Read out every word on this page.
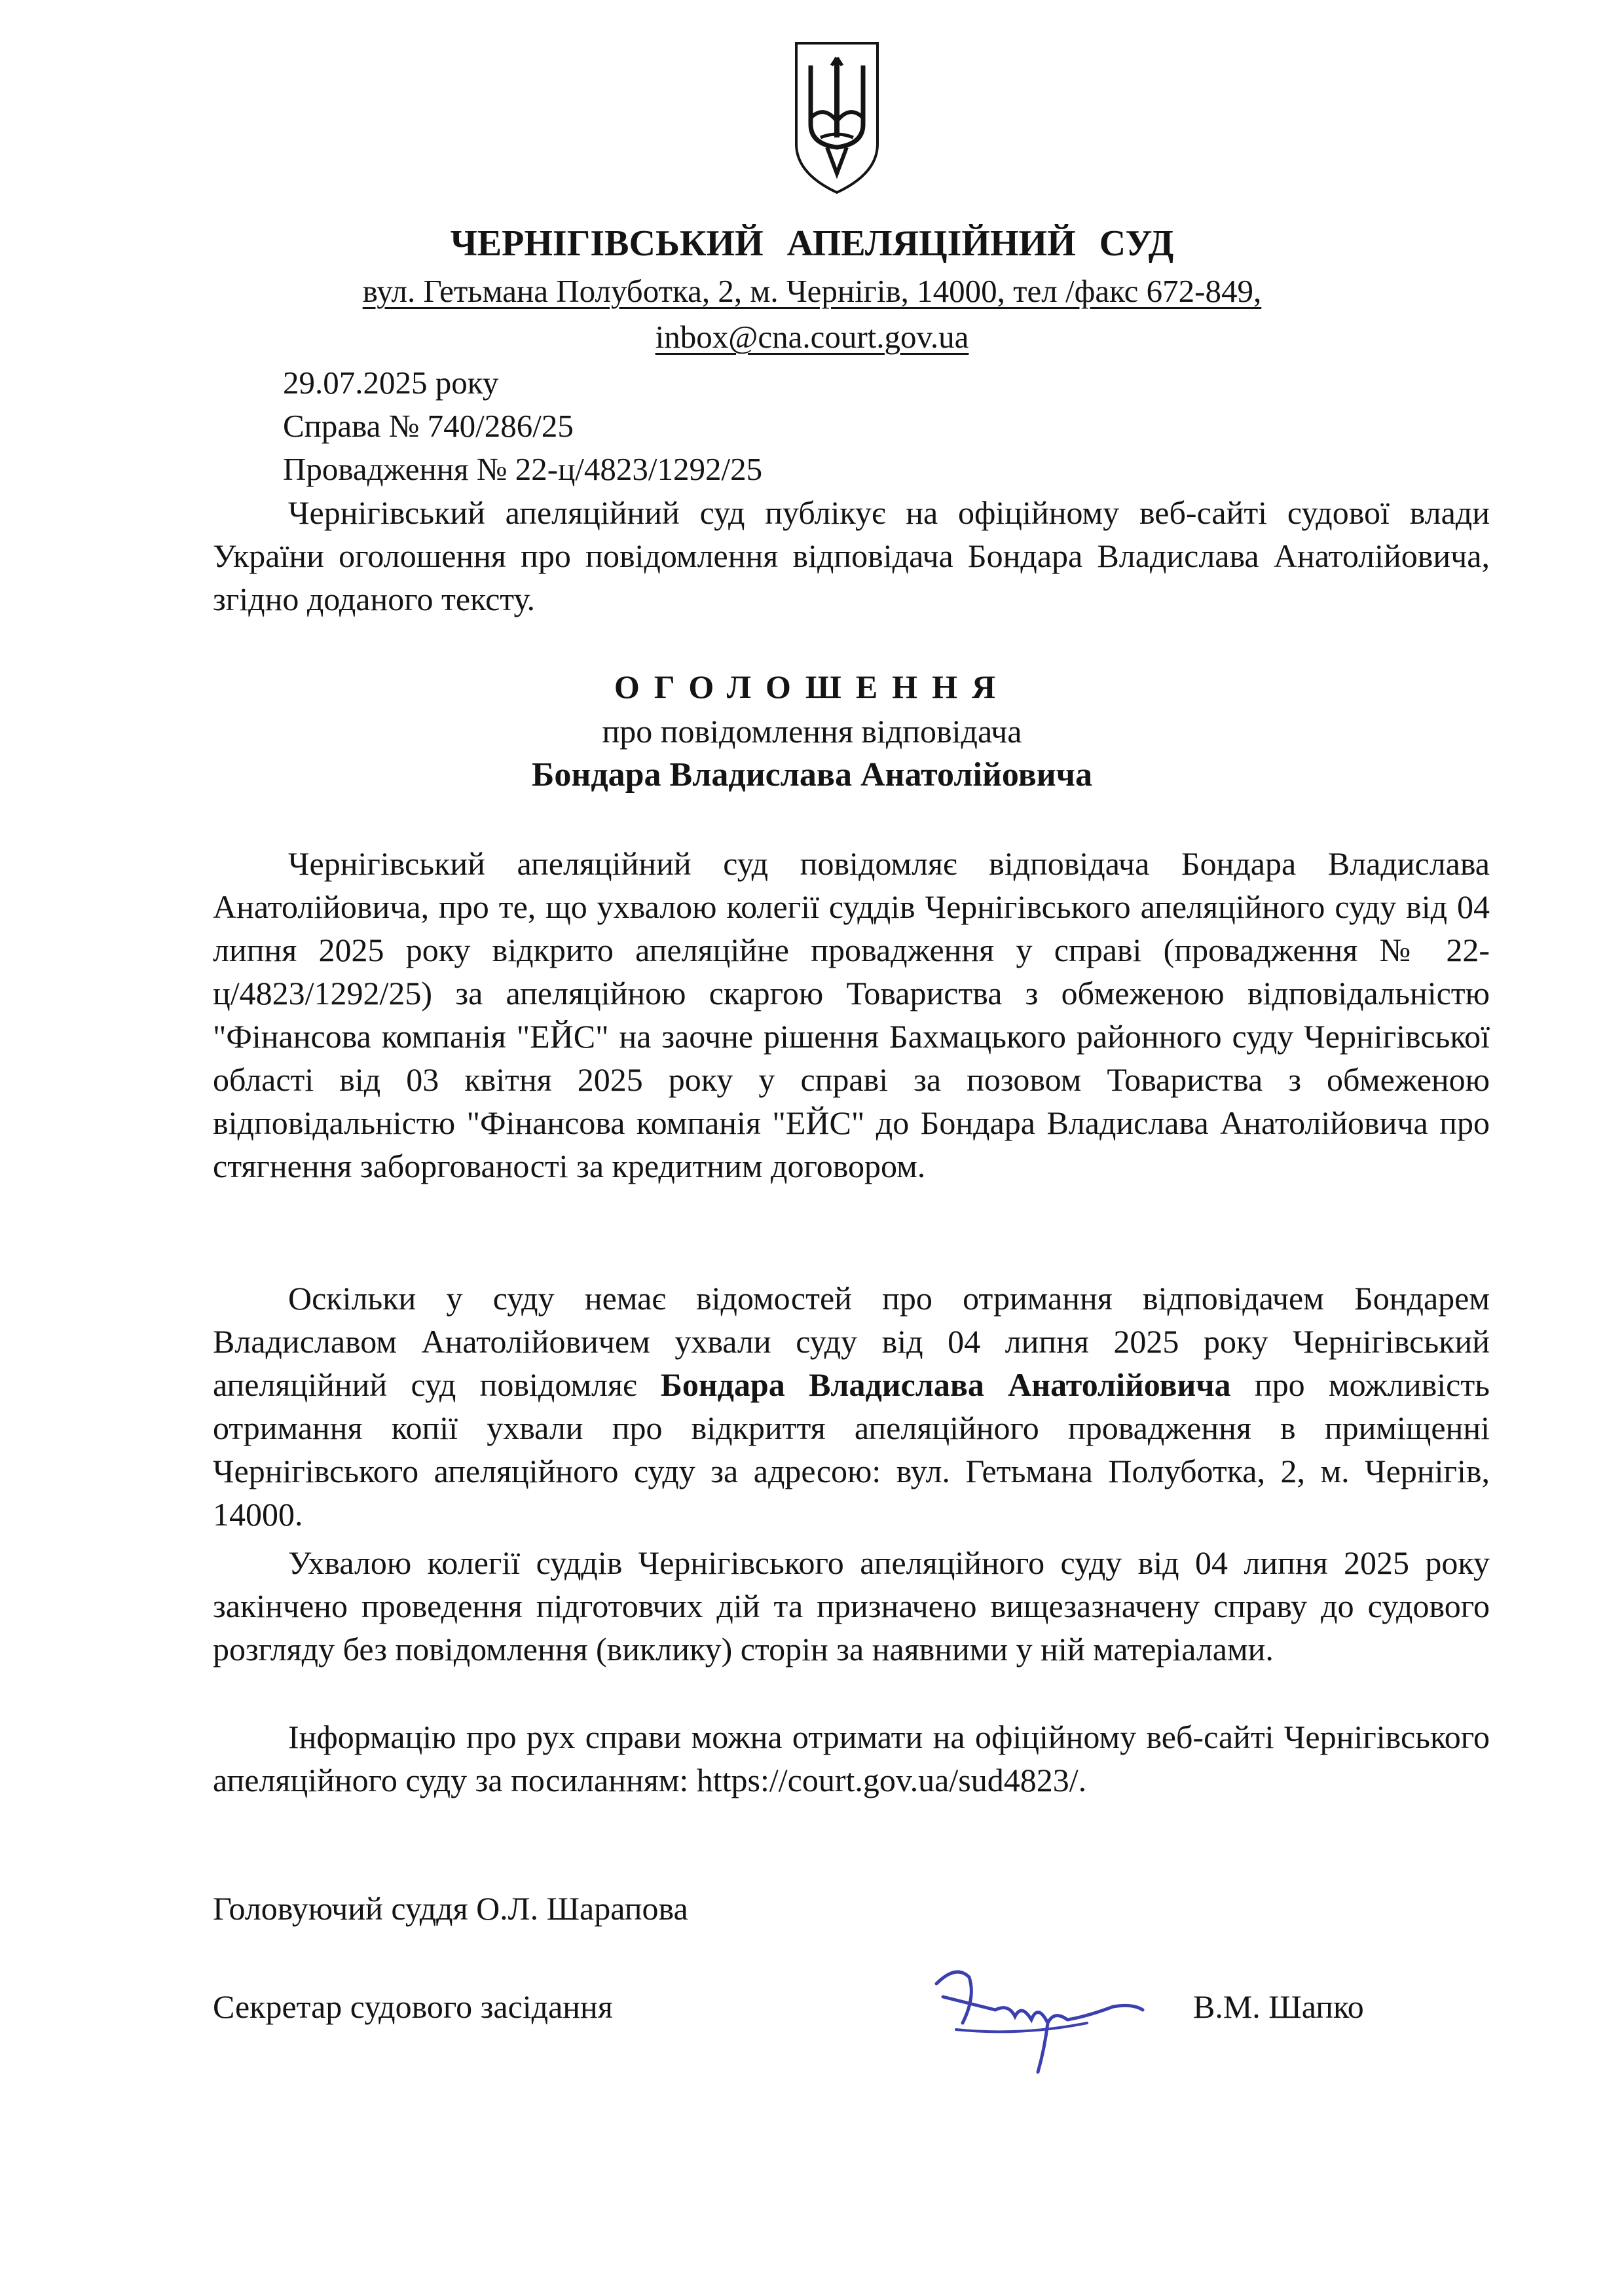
ЧЕРНІГІВСЬКИЙ АПЕЛЯЦІЙНИЙ СУД

вул. Гетьмана Полуботка, 2, м. Чернігів, 14000, тел /факс 672-849,

inbox@cna.court.gov.ua

29.07.2025 року

Справа № 740/286/25

Провадження № 22-ц/4823/1292/25

Чернігівський апеляційний суд публікує на офіційному веб-сайті судової влади України оголошення про повідомлення відповідача Бондара Владислава Анатолійовича, згідно доданого тексту.

ОГОЛОШЕННЯ

про повідомлення відповідача

Бондара Владислава Анатолійовича

Чернігівський апеляційний суд повідомляє відповідача Бондара Владислава Анатолійовича, про те, що ухвалою колегії суддів Чернігівського апеляційного суду від 04 липня 2025 року відкрито апеляційне провадження у справі (провадження № 22-ц/4823/1292/25) за апеляційною скаргою Товариства з обмеженою відповідальністю "Фінансова компанія "ЕЙС" на заочне рішення Бахмацького районного суду Чернігівської області від 03 квітня 2025 року у справі за позовом Товариства з обмеженою відповідальністю "Фінансова компанія "ЕЙС" до Бондара Владислава Анатолійовича про стягнення заборгованості за кредитним договором.

Оскільки у суду немає відомостей про отримання відповідачем Бондарем Владиславом Анатолійовичем ухвали суду від 04 липня 2025 року Чернігівський апеляційний суд повідомляє Бондара Владислава Анатолійовича про можливість отримання копії ухвали про відкриття апеляційного провадження в приміщенні Чернігівського апеляційного суду за адресою: вул. Гетьмана Полуботка, 2, м. Чернігів, 14000.

Ухвалою колегії суддів Чернігівського апеляційного суду від 04 липня 2025 року закінчено проведення підготовчих дій та призначено вищезазначену справу до судового розгляду без повідомлення (виклику) сторін за наявними у ній матеріалами.

Інформацію про рух справи можна отримати на офіційному веб-сайті Чернігівського апеляційного суду за посиланням: https://court.gov.ua/sud4823/.

Головуючий суддя О.Л. Шарапова

Секретар судового засідання	В.М. Шапко
